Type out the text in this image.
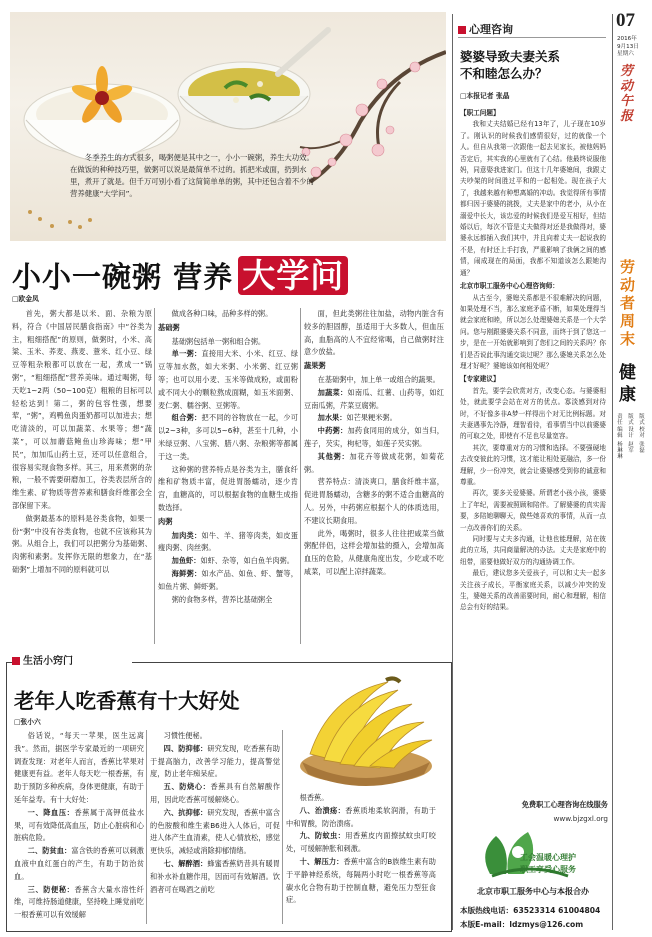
冬季养生的方式很多，喝粥便是其中之一，小小一碗粥，养生大功效。在做饭的种种技巧里，做粥可以说是最简单不过的。抓把米或面，扔到水里，煮开了就是。但千万可别小看了这简简单单的粥，其中还包含着不少的营养健康“大学问”。
小小一碗粥 营养 大学问
□欧金凤

首先，粥大都是以米、面、杂粮为原料，符合《中国居民膳食指南》中“谷类为主，粗细搭配”的原则，做粥时，小米、高粱、玉米、荞麦、燕麦、薏米、红小豆、绿豆等粗杂粮都可以放在一起，煮成一“锅粥”，“粗细搭配”营养美味。通过喝粥，每天吃1~2两（50~100克）粗粮的目标可以轻松达到！第二，粥的包容性强，想要荤，“粥”，鸡鸭鱼肉蛋奶都可以加进去；想吃清淡的，可以加蔬菜、水果等；想“蔬菜”，可以加蘑菇鲍鱼山珍海味；想“甲民”，加加瓜山药土豆，还可以任意组合，很容易实现食物多样。其三，用来煮粥的杂粮，一般不需要研磨加工，谷类表层所含的维生素、矿物质等营养素和膳食纤维都会全部保留下来。

做粥最基本的原料是谷类食物，如果一份“粥”中没有谷类食物，也就不应该称其为粥。从组合上，我们可以把粥分为基础粥、肉粥和素粥。发挥你无限的想象力，在“基础粥”上增加不同的原料就可以

做成各种口味，品种多样的粥。

基础粥

基础粥包括单一粥和组合粥。

单一粥：直接用大米、小米、红豆、绿豆等加水熬，如大米粥、小米粥、红豆粥等；也可以用小麦、玉米等做成粉，或面粉或不同大小的颗粒熬成面糊，如玉米面粥、麦仁粥、糯谷粥、豆粥等。

组合粥：把不同的谷物放在一起，少可以2~3种，多可以5~6种，甚至十几种，小米绿豆粥、八宝粥、腊八粥、杂粮粥等都属于这一类。

这种粥的营养特点是谷类为主，膳食纤维和矿物质丰富，促进胃肠蠕动，逐少肯宫，血糖高的，可以根据食物的血糖生成指数选择。

肉粥

加肉类：如牛、羊、猪等肉类，如皮蛋瘦肉粥、肉丝粥。

加鱼虾：如虾、杂等，如白鱼羊肉粥。

海鲜粥：如水产品、如鱼、虾、蟹等，如鱼片粥、鲜虾粥。

粥的食物多样，营养比基础粥全

面，但此类粥往往加盐，动物内脏含有较多的胆固醇，虽适用于大多数人，但血压高，血脂高的人不宜经常喝，自己做粥时注意少放盐。

蔬果粥

在基础粥中，加上单一或组合的蔬果。

加蔬菜：如南瓜、红薯、山药等，如红豆南瓜粥，芹菜豆腐粥。

加水果：如芒果粳米粥。

中药粥：加药食同用的成分，如当归，莲子，芡实，枸杞等，如莲子芡实粥。

其他粥：加花卉等做成花粥，如菊花粥。

营养特点：清淡爽口，膳食纤维丰富，促进胃肠蠕动，含糖多的粥不适合血糖高的人。另外，中药粥应根据个人的体质选用，不建议长期食用。

此外，喝粥时，很多人往往把咸菜当做粥配伴侣，这样会增加盐的摄入，会增加高血压的危险，从健康角度出发，少吃或不吃咸菜，可以配上凉拌蔬菜。

生活小窍门
老年人吃香蕉有十大好处
□张小六

俗话说，“每天一苹果，医生远离我”。然而，据医学专家最近的一项研究调查发现：对老年人而言，香蕉比苹果对健康更有益。老年人每天吃一根香蕉，有助于预防多种疾病，身体更健康，有助于延年益寿。有十大好处：

一、降血压：香蕉属于高钾低盐水果，可有效降低高血压，防止心脏病和心脏病危险。

二、防贫血：富含铁的香蕉可以刺激血液中血红蛋白的产生，有助于防治贫血。

三、防便秘：香蕉含大量水溶性纤维，可维持肠道健康，坚持晚上睡觉前吃一根香蕉可以有效缓解

习惯性便秘。

四、防抑郁：研究发现，吃香蕉有助于提高脑力，改善学习能力，提高警觉度，防止老年痴呆症。

五、防烧心：香蕉具有自然解酸作用，因此吃香蕉可缓解烧心。

六、抗抑郁：研究发现，香蕉中富含的色胺酸和维生素B6进入人体后，可促进人体产生血清素，使人心情放松，感觉更快乐，减轻或消除抑郁情绪。

七、解醉酒：蜂蜜香蕉奶昔具有暖胃和补水补血糖作用，因而可有效解酒。饮酒者可在喝酒之前吃

根香蕉。

八、治溃疡：香蕉质地柔软润滑，有助于中和胃酸，防治溃疡。

九、防蚊虫：用香蕉皮内面擦拭蚊虫叮咬处，可缓解肿胀和刺激。

十、解压力：香蕉中富含的B族维生素有助于平静神经系统，每隔两小时吃一根香蕉等高碳水化合物有助于控制血糖，避免压力型狂食症。

心理咨询
婆婆导致夫妻关系
不和睦怎么办？
□本报记者 张晶
【职工问题】

我和丈夫结婚已经有13年了，儿子现在10岁了。刚认识的时候我们感情很好，过的就像一个人。但自从我第一次跟他一起去见家长，被他妈妈否定后，其实我的心里就有了心结。他最终说服他妈，同意娶我进家门。但这十几年婆媳间，我跟丈夫吵架的时间胜过平和的一起相处。现在孩子大了，我越来越有种想离婚的冲动。我觉得所有事情都归因于婆婆的挑拨，丈夫是家中的老小，从小在溺爱中长大，该忠爱的时候我们是爱互相好，但结婚以后，每次不管是丈夫做得对还是我做得对，婆婆永远都插入我们其中，并且向着丈夫一起说我的不是，有时还上手打我，严重影响了我俩之间的感情，闹成现在的局面，我都不知道该怎么跟她沟通？

北京市职工服务中心心理咨询师：

从古至今，婆媳关系都是不很难解决的问题，如果处理不当，那么家庭矛盾不断，如果处理得当就会家庭和睦，所以怎么处理婆媳关系是一个大学问。您与刚跟婆婆关系不同意，而终于到了您这一步，是在一开始就影响到了您们之间的关系吗？你们是否说此事沟通交谈过呢？那么婆媳关系怎么处理才好呢？婆媳该如何相处呢？

【专家建议】

首先，要学会欣赏对方，改变心态。与婆婆相处，就此要学会站在对方的优点。寡淡感到对待时，不好像多非A梦一样得出个对无比例标题。对夫妻遇事先冷静，理智看待，看事情当中以前婆婆的可取之处，即使有不足也尽量宽容。

其次，要尊重对方的习惯和选择。不要强硬地去改变彼此的习惯，这才能让相处更融洽，多一份理解，少一份冲突，就会让婆婆感受到你的诚意和尊重。

再次，要多关爱婆婆。所谓老小孩小孩，婆婆上了年纪，需要被照顾和陪伴。了解婆婆的真实需要，多陪她聊聊天，做些她喜欢的事情，从而一点一点改善你们的关系。

同时要与丈夫多沟通，让他也能理解，站在彼此的立场，共同商量解决的办法。丈夫是家庭中的纽带，需要他做好双方的沟通协调工作。

最后，建议您多关爱孩子，可以和丈夫一起多关注孩子成长，平衡家庭关系，以减少冲突的发生，婆媳关系的改善需要时间，耐心和理解，相信总会有好的结果。

免费职工心理咨询在线服务
www.bjzgxl.org
工会温暖心理护
职工享受心服务
北京市职工服务中心与本报合办
本版热线电话：63523314 61004804
本版E-mail：ldzmys@126.com
07
2016年
9月13日
星期六
劳动午报
劳动者周末
健康
责任编辑
杨琳琳
版式设计
赵军
版式校对
张磊
